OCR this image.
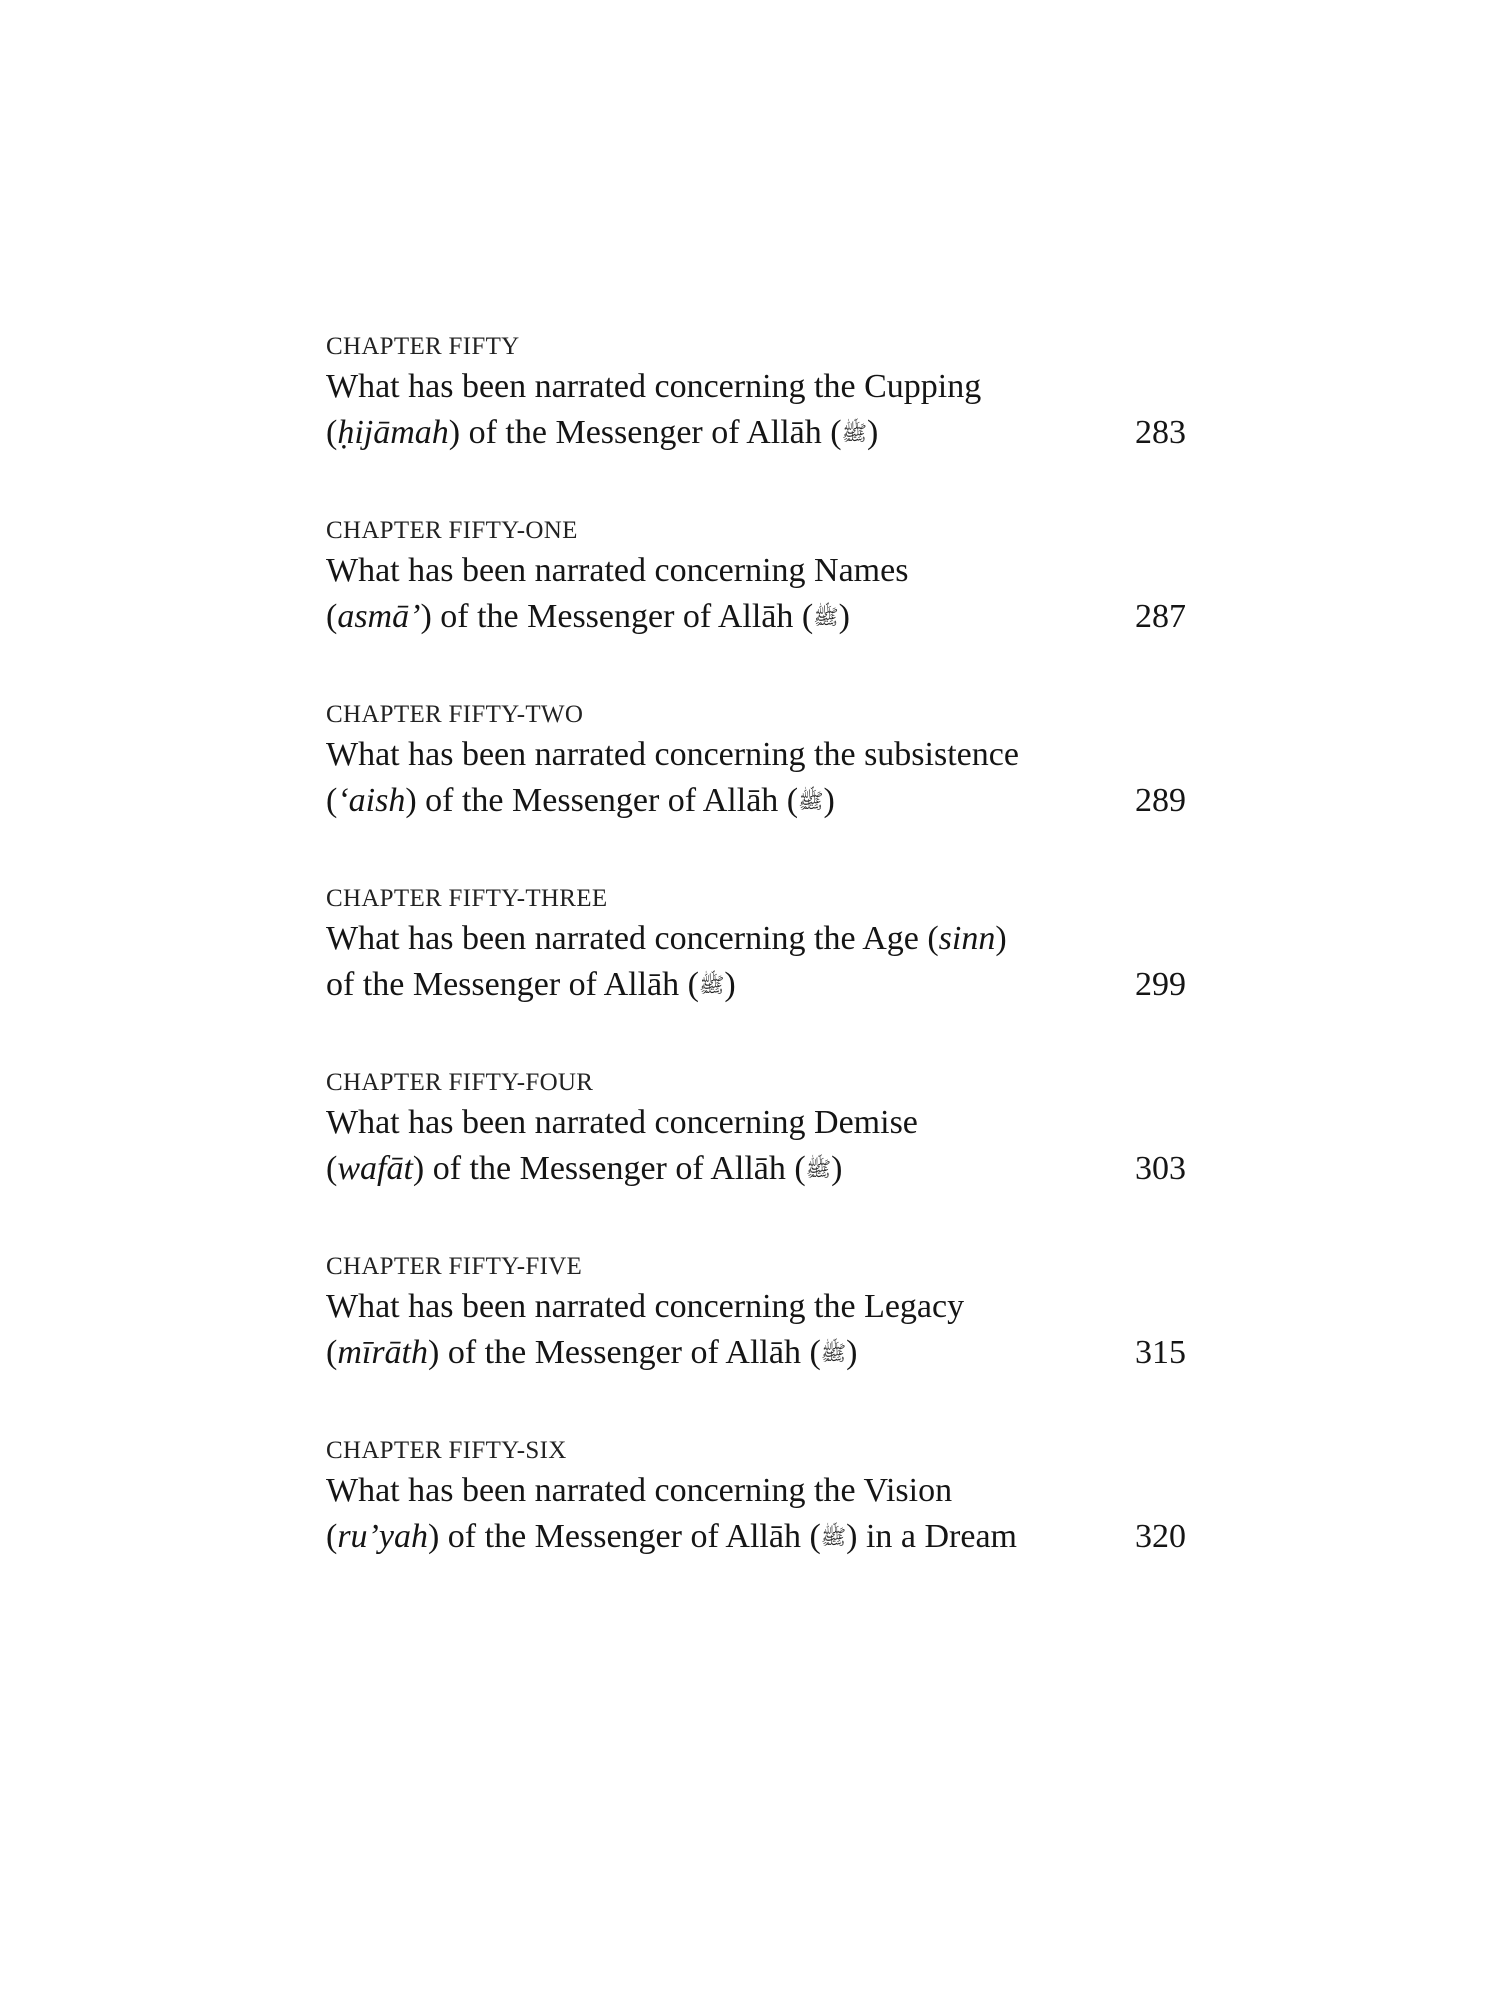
CHAPTER FIFTY
What has been narrated concerning the Cupping
(ḥijāmah) of the Messenger of Allāh (ﷺ)	283
CHAPTER FIFTY-ONE
What has been narrated concerning Names
(asmā’) of the Messenger of Allāh (ﷺ)	287
CHAPTER FIFTY-TWO
What has been narrated concerning the subsistence
(‘aish) of the Messenger of Allāh (ﷺ)	289
CHAPTER FIFTY-THREE
What has been narrated concerning the Age (sinn)
of the Messenger of Allāh (ﷺ)	299
CHAPTER FIFTY-FOUR
What has been narrated concerning Demise
(wafāt) of the Messenger of Allāh (ﷺ)	303
CHAPTER FIFTY-FIVE
What has been narrated concerning the Legacy
(mīrāth) of the Messenger of Allāh (ﷺ)	315
CHAPTER FIFTY-SIX
What has been narrated concerning the Vision
(ru’yah) of the Messenger of Allāh (ﷺ) in a Dream	320
